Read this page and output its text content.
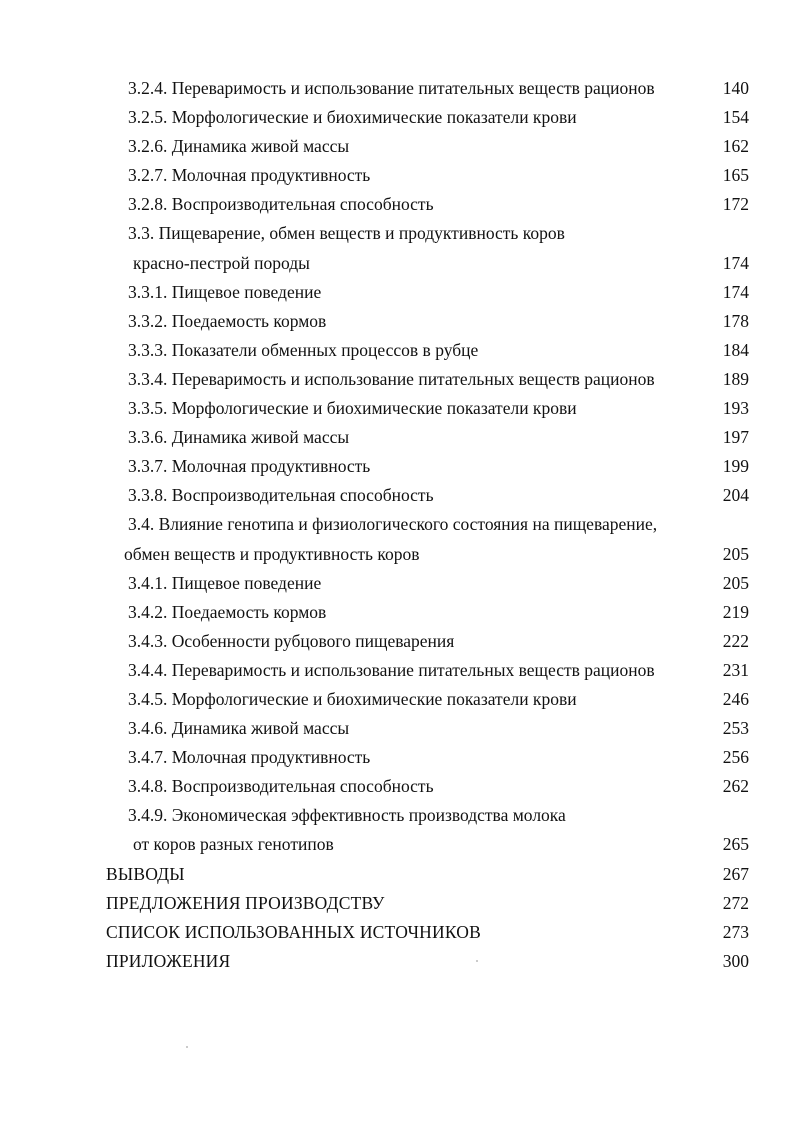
3.2.4. Переваримость и использование питательных веществ рационов	140
3.2.5. Морфологические и биохимические показатели крови	154
3.2.6. Динамика живой массы	162
3.2.7. Молочная продуктивность	165
3.2.8. Воспроизводительная способность	172
3.3. Пищеварение, обмен веществ и продуктивность коров
красно-пестрой породы	174
3.3.1. Пищевое поведение	174
3.3.2. Поедаемость кормов	178
3.3.3. Показатели обменных процессов в рубце	184
3.3.4. Переваримость и использование питательных веществ рационов	189
3.3.5. Морфологические и биохимические показатели крови	193
3.3.6. Динамика живой массы	197
3.3.7. Молочная продуктивность	199
3.3.8. Воспроизводительная способность	204
3.4. Влияние генотипа и физиологического состояния на пищеварение,
обмен веществ и продуктивность коров	205
3.4.1. Пищевое поведение	205
3.4.2. Поедаемость кормов	219
3.4.3. Особенности рубцового пищеварения	222
3.4.4. Переваримость и использование питательных веществ рационов	231
3.4.5. Морфологические и биохимические показатели крови	246
3.4.6. Динамика живой массы	253
3.4.7. Молочная продуктивность	256
3.4.8. Воспроизводительная способность	262
3.4.9. Экономическая эффективность производства молока
от коров разных генотипов	265
ВЫВОДЫ	267
ПРЕДЛОЖЕНИЯ ПРОИЗВОДСТВУ	272
СПИСОК ИСПОЛЬЗОВАННЫХ ИСТОЧНИКОВ	273
ПРИЛОЖЕНИЯ	300
